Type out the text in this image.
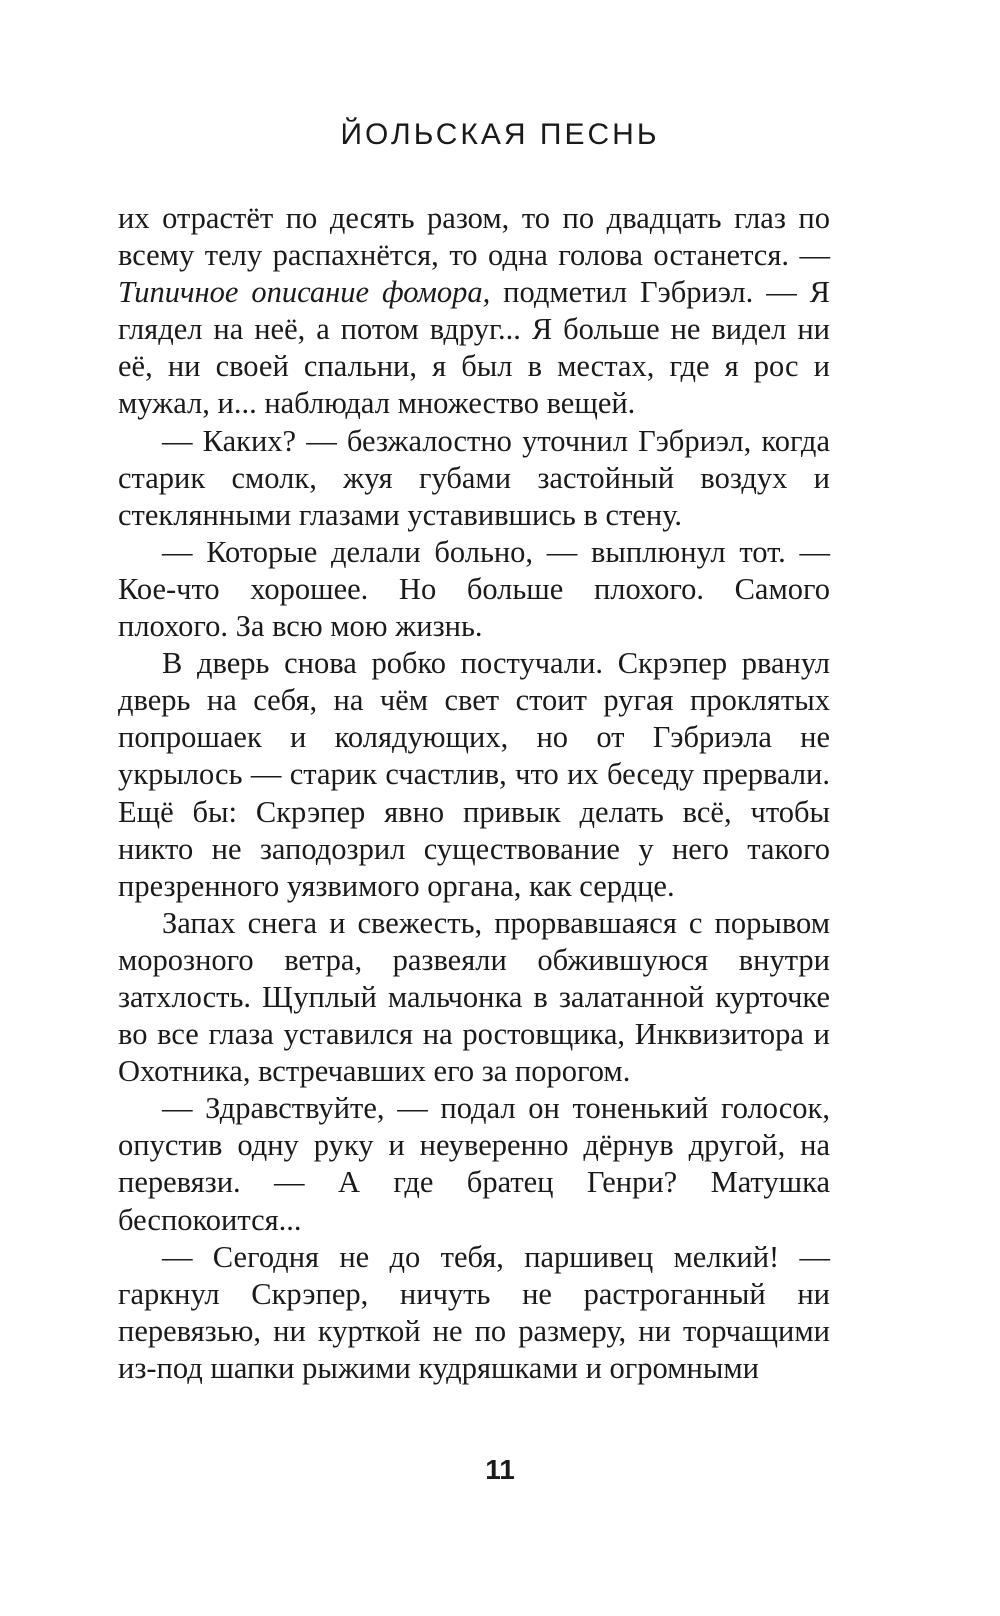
ЙОЛЬСКАЯ ПЕСНЬ

их отрастёт по десять разом, то по двадцать глаз по всему телу распахнётся, то одна голова останется. — Типичное описание фомора, подметил Гэбриэл. — Я глядел на неё, а потом вдруг... Я больше не видел ни её, ни своей спальни, я был в местах, где я рос и мужал, и... наблюдал множество вещей.

— Каких? — безжалостно уточнил Гэбриэл, когда старик смолк, жуя губами застойный воздух и стеклянными глазами уставившись в стену.

— Которые делали больно, — выплюнул тот. — Кое-что хорошее. Но больше плохого. Самого плохого. За всю мою жизнь.

В дверь снова робко постучали. Скрэпер рванул дверь на себя, на чём свет стоит ругая проклятых попрошаек и колядующих, но от Гэбриэла не укрылось — старик счастлив, что их беседу прервали. Ещё бы: Скрэпер явно привык делать всё, чтобы никто не заподозрил существование у него такого презренного уязвимого органа, как сердце.

Запах снега и свежесть, прорвавшаяся с порывом морозного ветра, развеяли обжившуюся внутри затхлость. Щуплый мальчонка в залатанной курточке во все глаза уставился на ростовщика, Инквизитора и Охотника, встречавших его за порогом.

— Здравствуйте, — подал он тоненький голосок, опустив одну руку и неуверенно дёрнув другой, на перевязи. — А где братец Генри? Матушка беспокоится...

— Сегодня не до тебя, паршивец мелкий! — гаркнул Скрэпер, ничуть не растроганный ни перевязью, ни курткой не по размеру, ни торчащими из-под шапки рыжими кудряшками и огромными

11
